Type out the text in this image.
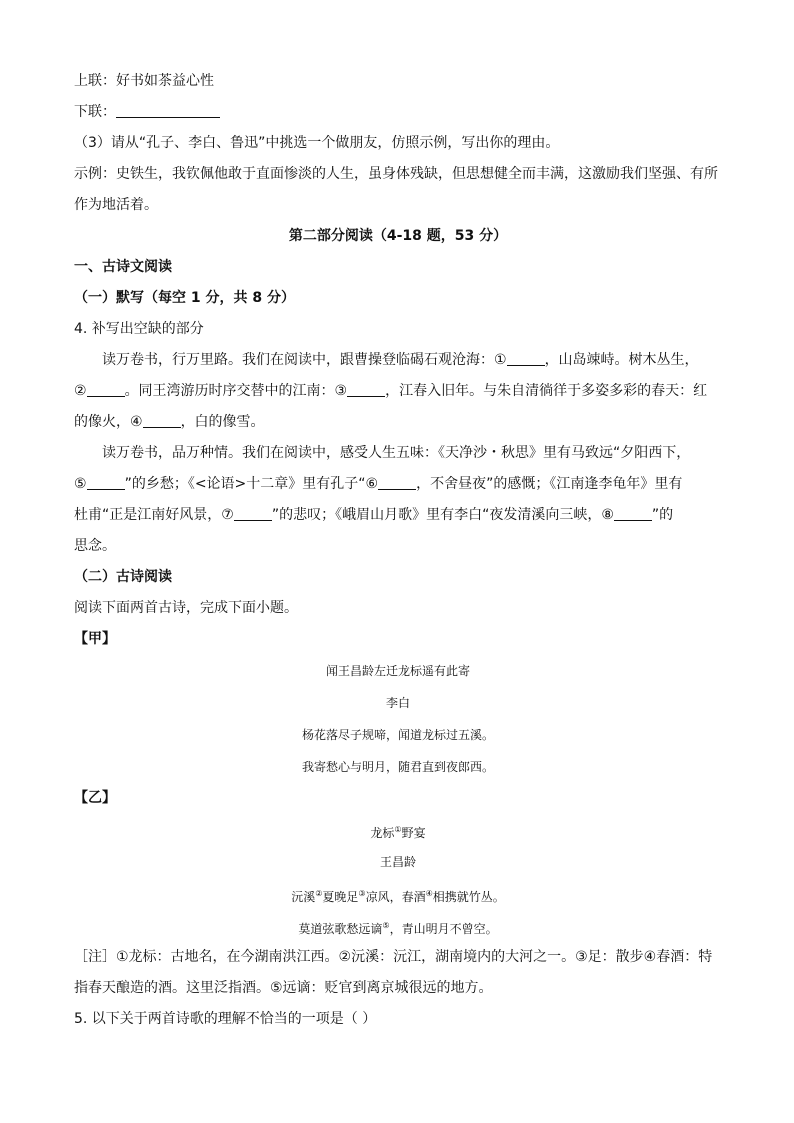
上联：好书如茶益心性
下联：
（3）请从“孔子、李白、鲁迅”中挑选一个做朋友，仿照示例，写出你的理由。
示例：史铁生，我钦佩他敢于直面惨淡的人生，虽身体残缺，但思想健全而丰满，这激励我们坚强、有所
作为地活着。
第二部分阅读（4-18 题，53 分）
一、古诗文阅读
（一）默写（每空 1 分，共 8 分）
4. 补写出空缺的部分
读万卷书，行万里路。我们在阅读中，跟曹操登临碣石观沧海：①	，山岛竦峙。树木丛生，
②	。同王湾游历时序交替中的江南：③	，江春入旧年。与朱自清徜徉于多姿多彩的春天：红
的像火，④	，白的像雪。
读万卷书，品万种情。我们在阅读中，感受人生五味：《天净沙・秋思》里有马致远“夕阳西下，
⑤	”的乡愁；《<论语>十二章》里有孔子“⑥	，不舍昼夜”的感慨；《江南逢李龟年》里有
杜甫“正是江南好风景，⑦	”的悲叹；《峨眉山月歌》里有李白“夜发清溪向三峡，⑧	”的
思念。
（二）古诗阅读
阅读下面两首古诗，完成下面小题。
【甲】
闻王昌龄左迁龙标遥有此寄
李白
杨花落尽子规啼，闻道龙标过五溪。
我寄愁心与明月，随君直到夜郎西。
【乙】
龙标①野宴
王昌龄
沅溪②夏晚足③凉风，春酒④相携就竹丛。
莫道弦歌愁远谪⑤，青山明月不曾空。
［注］①龙标：古地名，在今湖南洪江西。②沅溪：沅江，湖南境内的大河之一。③足：散步④春酒：特
指春天酿造的酒。这里泛指酒。⑤远谪：贬官到离京城很远的地方。
5. 以下关于两首诗歌的理解不恰当的一项是（ ）
